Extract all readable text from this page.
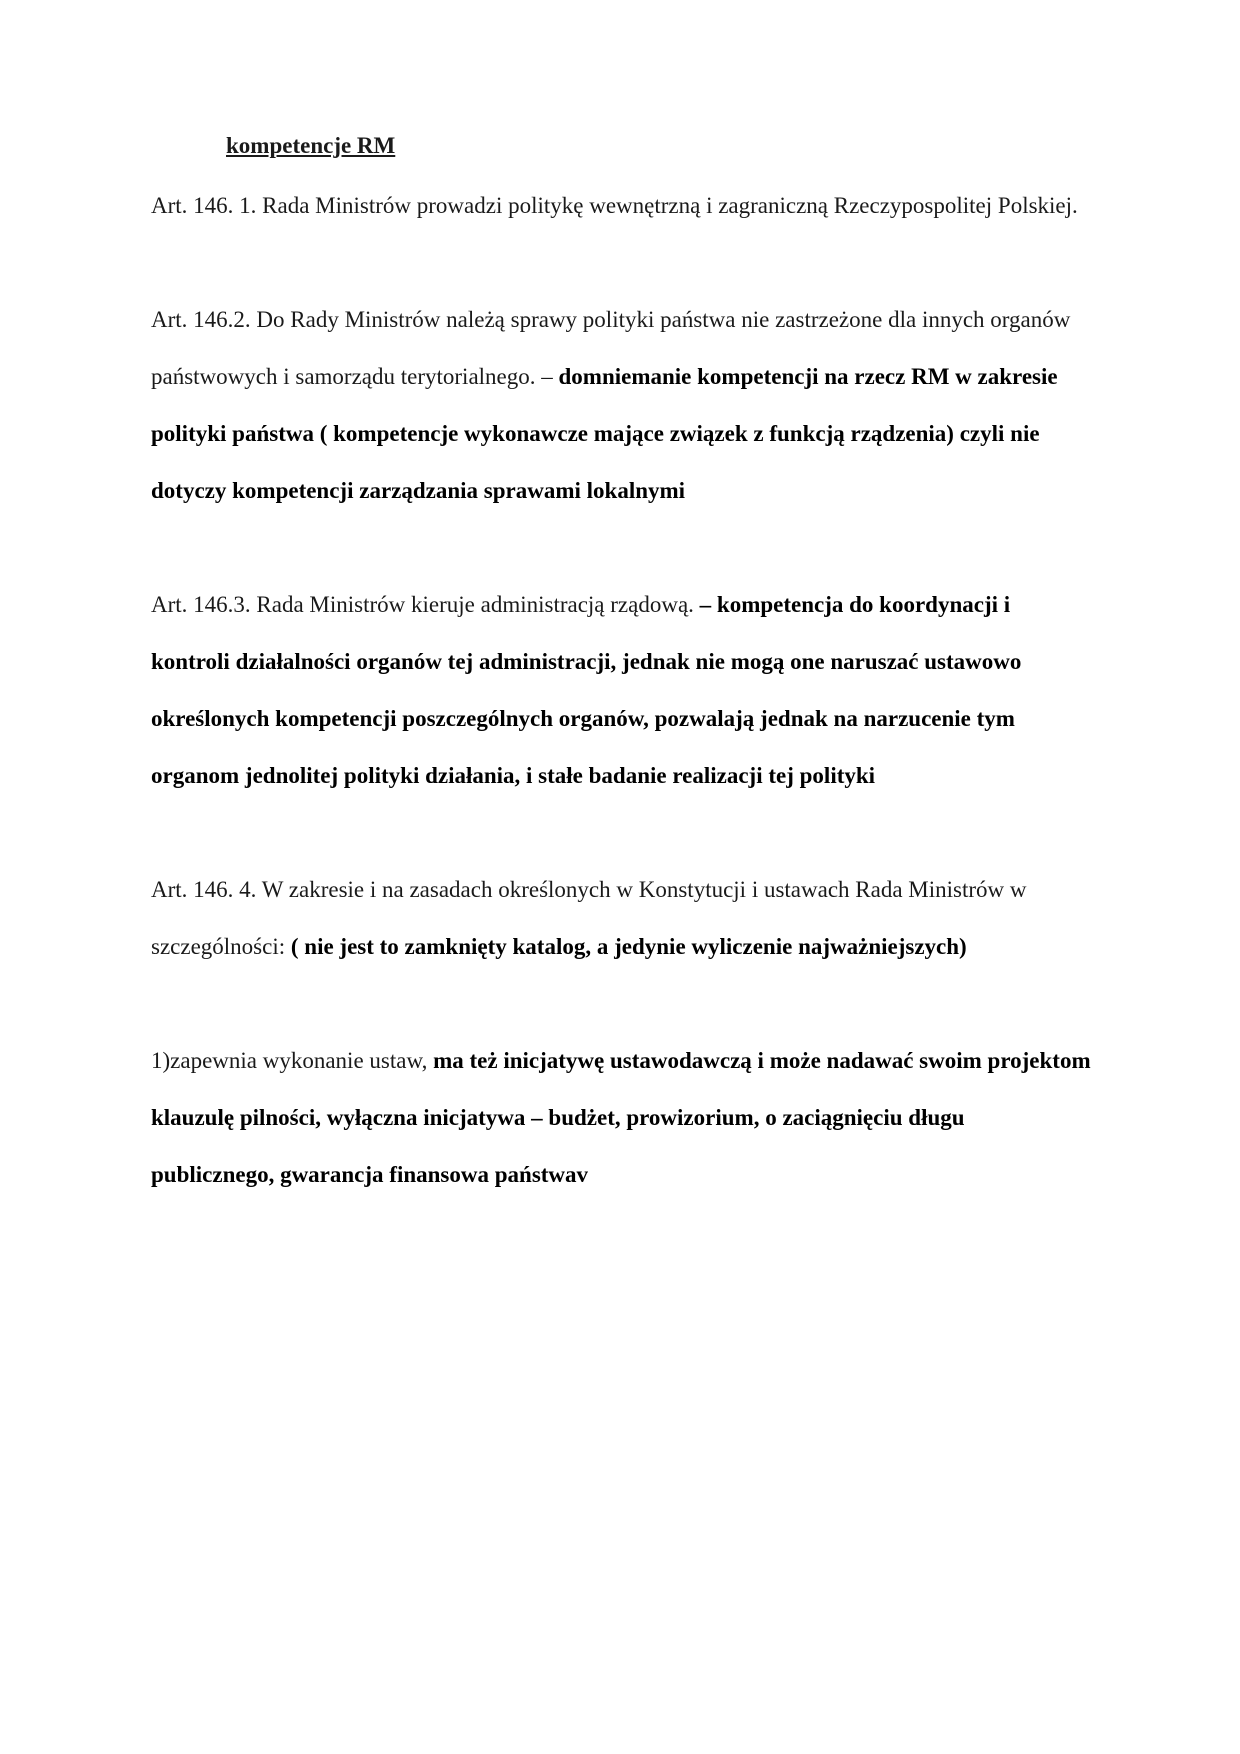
kompetencje RM

Art. 146. 1. Rada Ministrów prowadzi politykę wewnętrzną i zagraniczną Rzeczypospolitej Polskiej.

Art. 146.2. Do Rady Ministrów należą sprawy polityki państwa nie zastrzeżone dla innych organów państwowych i samorządu terytorialnego. – domniemanie kompetencji na rzecz RM w zakresie polityki państwa ( kompetencje wykonawcze mające związek z funkcją rządzenia) czyli nie dotyczy kompetencji zarządzania sprawami lokalnymi

Art. 146.3. Rada Ministrów kieruje administracją rządową. – kompetencja do koordynacji i kontroli działalności organów tej administracji, jednak nie mogą one naruszać ustawowo określonych kompetencji poszczególnych organów, pozwalają jednak na narzucenie tym organom jednolitej polityki działania, i stałe badanie realizacji tej polityki

Art. 146. 4. W zakresie i na zasadach określonych w Konstytucji i ustawach Rada Ministrów w szczególności: ( nie jest to zamknięty katalog, a jedynie wyliczenie najważniejszych)

1)zapewnia wykonanie ustaw, ma też inicjatywę ustawodawczą i może nadawać swoim projektom klauzulę pilności, wyłączna inicjatywa – budżet, prowizorium, o zaciągnięciu długu publicznego, gwarancja finansowa państwav
